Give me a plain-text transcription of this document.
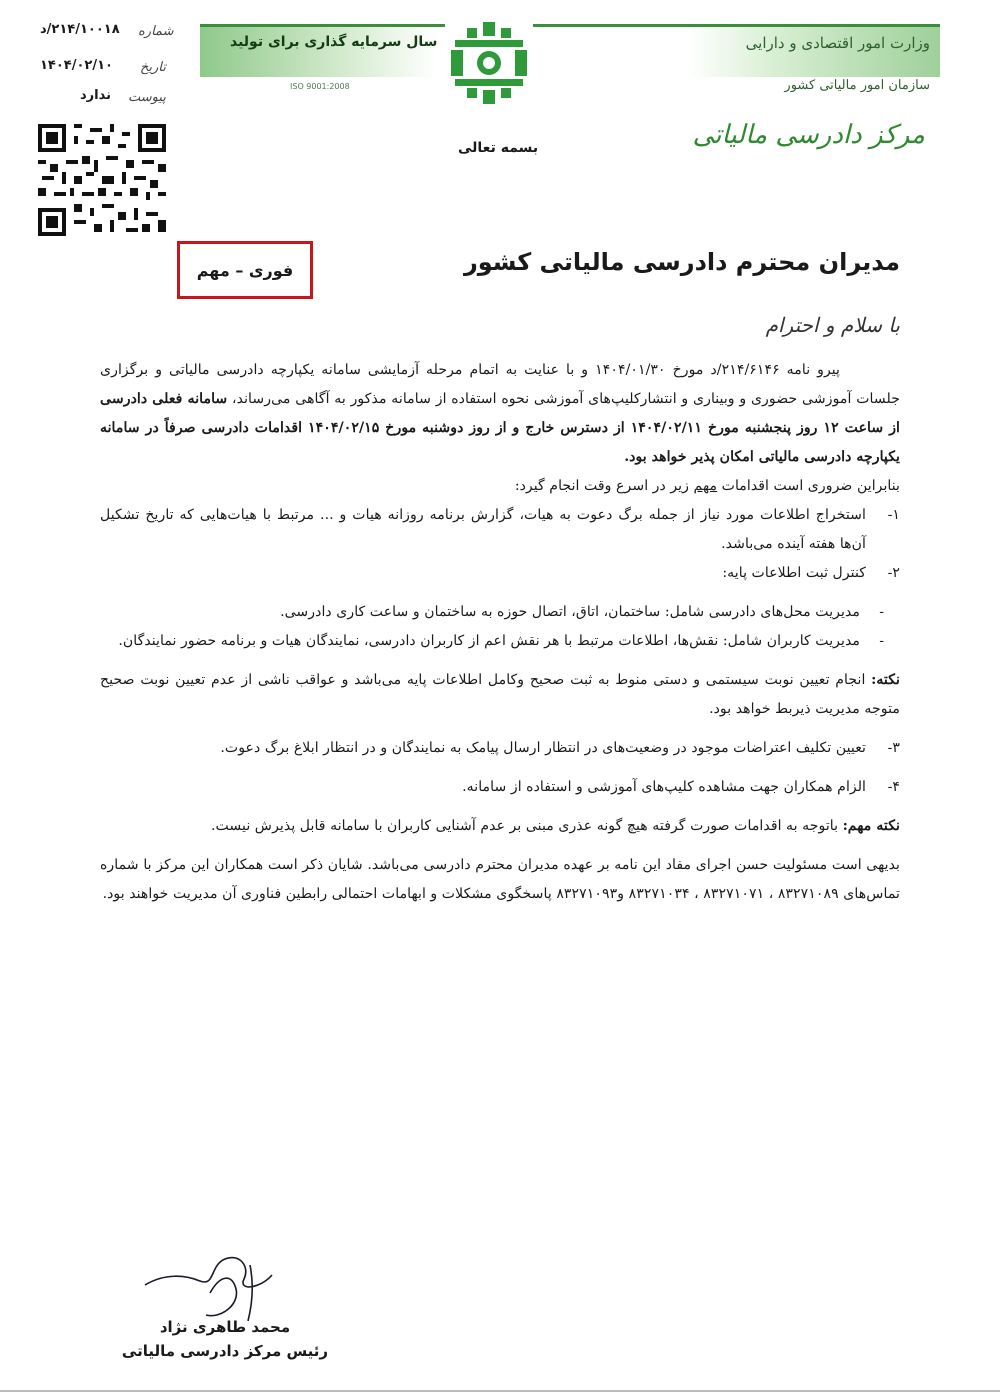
سال سرمایه گذاری برای تولید
ISO 9001:2008
وزارت امور اقتصادی و دارایی
سازمان امور مالیاتی کشور
مرکز دادرسی مالیاتی
بسمه تعالی
۲۱۴/۱۰۰۱۸/د شماره
۱۴۰۴/۰۲/۱۰ تاریخ
ندارد پیوست
فوری – مهم	مدیران محترم دادرسی مالیاتی کشور
با سلام و احترام

پیرو نامه ۲۱۴/۶۱۴۶/د مورخ ۱۴۰۴/۰۱/۳۰ و با عنایت به اتمام مرحله آزمایشی سامانه یکپارچه دادرسی مالیاتی و برگزاری جلسات آموزشی حضوری و وبیناری و انتشارکلیپ‌های آموزشی نحوه استفاده از سامانه مذکور به آگاهی می‌رساند، سامانه فعلی دادرسی از ساعت ۱۲ روز پنجشنبه مورخ ۱۴۰۴/۰۲/۱۱ از دسترس خارج و از روز دوشنبه مورخ ۱۴۰۴/۰۲/۱۵ اقدامات دادرسی صرفاً در سامانه یکپارچه دادرسی مالیاتی امکان پذیر خواهد بود.

بنابراین ضروری است اقدامات مهم زیر در اسرع وقت انجام گیرد:

۱-
استخراج اطلاعات مورد نیاز از جمله برگ دعوت به هیات، گزارش برنامه روزانه هیات و ... مرتبط با هیات‌هایی که تاریخ تشکیل آن‌ها هفته آینده می‌باشد.

۲-
کنترل ثبت اطلاعات پایه:

-
مدیریت محل‌های دادرسی شامل: ساختمان، اتاق، اتصال حوزه به ساختمان و ساعت کاری دادرسی.

-
مدیریت کاربران شامل: نقش‌ها، اطلاعات مرتبط با هر نقش اعم از کاربران دادرسی، نمایندگان هیات و برنامه حضور نمایندگان.

نکته: انجام تعیین نوبت سیستمی و دستی منوط به ثبت صحیح وکامل اطلاعات پایه می‌باشد و عواقب ناشی از عدم تعیین نوبت صحیح متوجه مدیریت ذیربط خواهد بود.

۳-
تعیین تکلیف اعتراضات موجود در وضعیت‌های در انتظار ارسال پیامک به نمایندگان و در انتظار ابلاغ برگ دعوت.

۴-
الزام همکاران جهت مشاهده کلیپ‌های آموزشی و استفاده از سامانه.

نکته مهم: باتوجه به اقدامات صورت گرفته هیچ گونه عذری مبنی بر عدم آشنایی کاربران با سامانه قابل پذیرش نیست.

بدیهی است مسئولیت حسن اجرای مفاد این نامه بر عهده مدیران محترم دادرسی می‌باشد. شایان ذکر است همکاران این مرکز با شماره تماس‌های ۸۳۲۷۱۰۸۹ ، ۸۳۲۷۱۰۷۱ ، ۸۳۲۷۱۰۳۴ و۸۳۲۷۱۰۹۳ پاسخگوی مشکلات و ابهامات احتمالی رابطین فناوری آن مدیریت خواهند بود.

محمد طاهری نژاد
رئیس مرکز دادرسی مالیاتی
